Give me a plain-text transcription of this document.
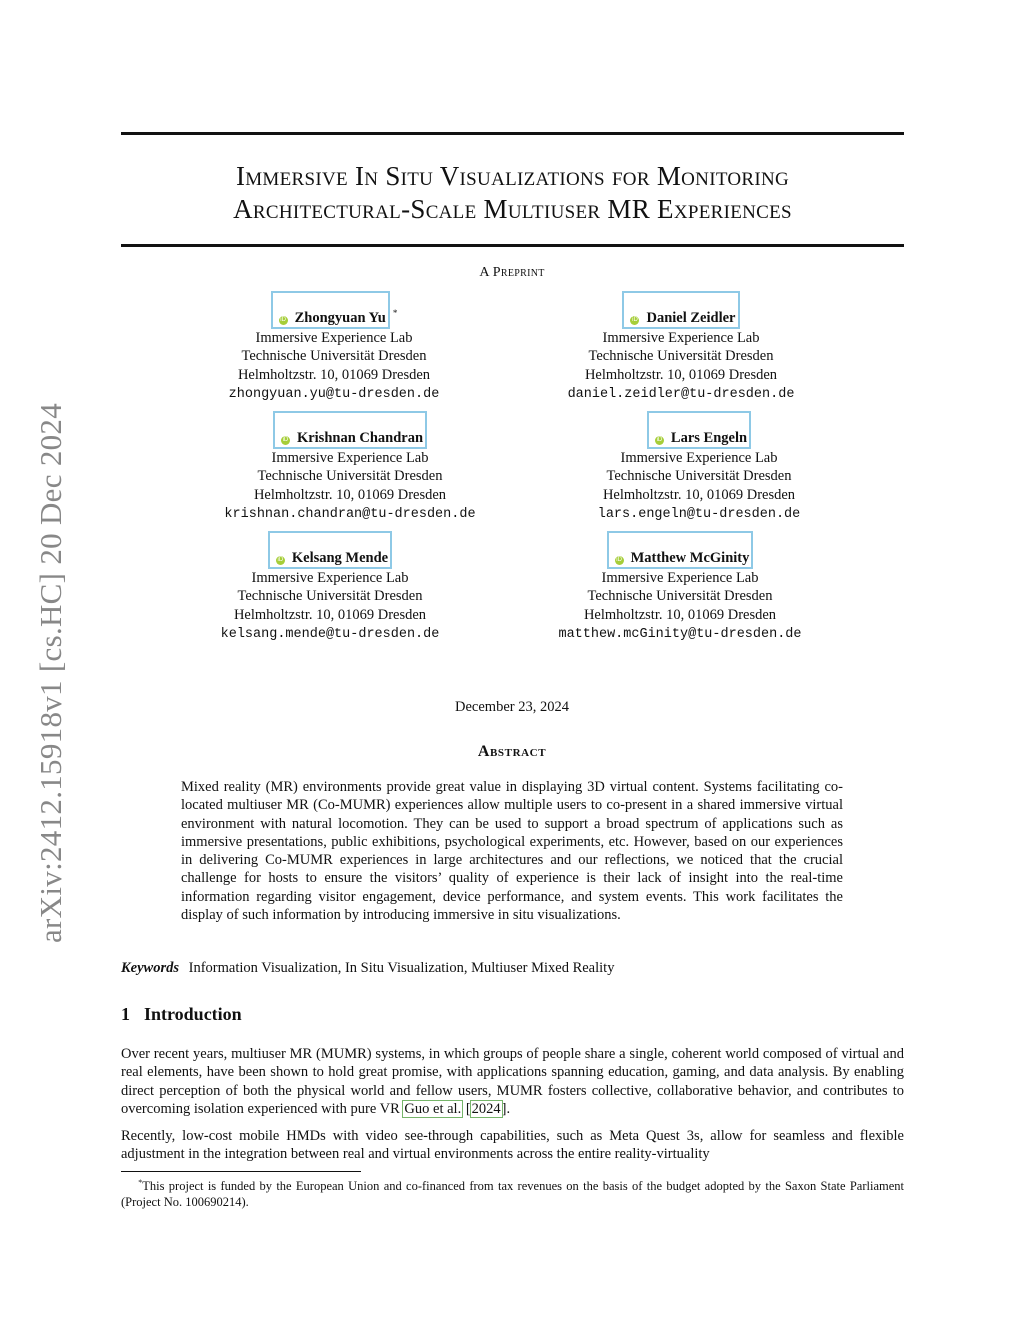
arXiv:2412.15918v1 [cs.HC] 20 Dec 2024
Immersive In Situ Visualizations for Monitoring
Architectural-Scale Multiuser MR Experiences
A Preprint
iD Zhongyuan Yu *
Immersive Experience Lab
Technische Universität Dresden
Helmholtzstr. 10, 01069 Dresden
zhongyuan.yu@tu-dresden.de
iD Daniel Zeidler
Immersive Experience Lab
Technische Universität Dresden
Helmholtzstr. 10, 01069 Dresden
daniel.zeidler@tu-dresden.de
iD Krishnan Chandran
Immersive Experience Lab
Technische Universität Dresden
Helmholtzstr. 10, 01069 Dresden
krishnan.chandran@tu-dresden.de
iD Lars Engeln
Immersive Experience Lab
Technische Universität Dresden
Helmholtzstr. 10, 01069 Dresden
lars.engeln@tu-dresden.de
iD Kelsang Mende
Immersive Experience Lab
Technische Universität Dresden
Helmholtzstr. 10, 01069 Dresden
kelsang.mende@tu-dresden.de
iD Matthew McGinity
Immersive Experience Lab
Technische Universität Dresden
Helmholtzstr. 10, 01069 Dresden
matthew.mcGinity@tu-dresden.de
December 23, 2024
Abstract

Mixed reality (MR) environments provide great value in displaying 3D virtual content. Systems facilitating co-located multiuser MR (Co-MUMR) experiences allow multiple users to co-present in a shared immersive virtual environment with natural locomotion. They can be used to support a broad spectrum of applications such as immersive presentations, public exhibitions, psychological experiments, etc. However, based on our experiences in delivering Co-MUMR experiences in large architectures and our reflections, we noticed that the crucial challenge for hosts to ensure the visitors’ quality of experience is their lack of insight into the real-time information regarding visitor engagement, device performance, and system events. This work facilitates the display of such information by introducing immersive in situ visualizations.

Keywords Information Visualization, In Situ Visualization, Multiuser Mixed Reality
1 Introduction

Over recent years, multiuser MR (MUMR) systems, in which groups of people share a single, coherent world composed of virtual and real elements, have been shown to hold great promise, with applications spanning education, gaming, and data analysis. By enabling direct perception of both the physical world and fellow users, MUMR fosters collective, collaborative behavior, and contributes to overcoming isolation experienced with pure VR Guo et al. [2024].

Recently, low-cost mobile HMDs with video see-through capabilities, such as Meta Quest 3s, allow for seamless and flexible adjustment in the integration between real and virtual environments across the entire reality-virtuality

*This project is funded by the European Union and co-financed from tax revenues on the basis of the budget adopted by the Saxon State Parliament (Project No. 100690214).
